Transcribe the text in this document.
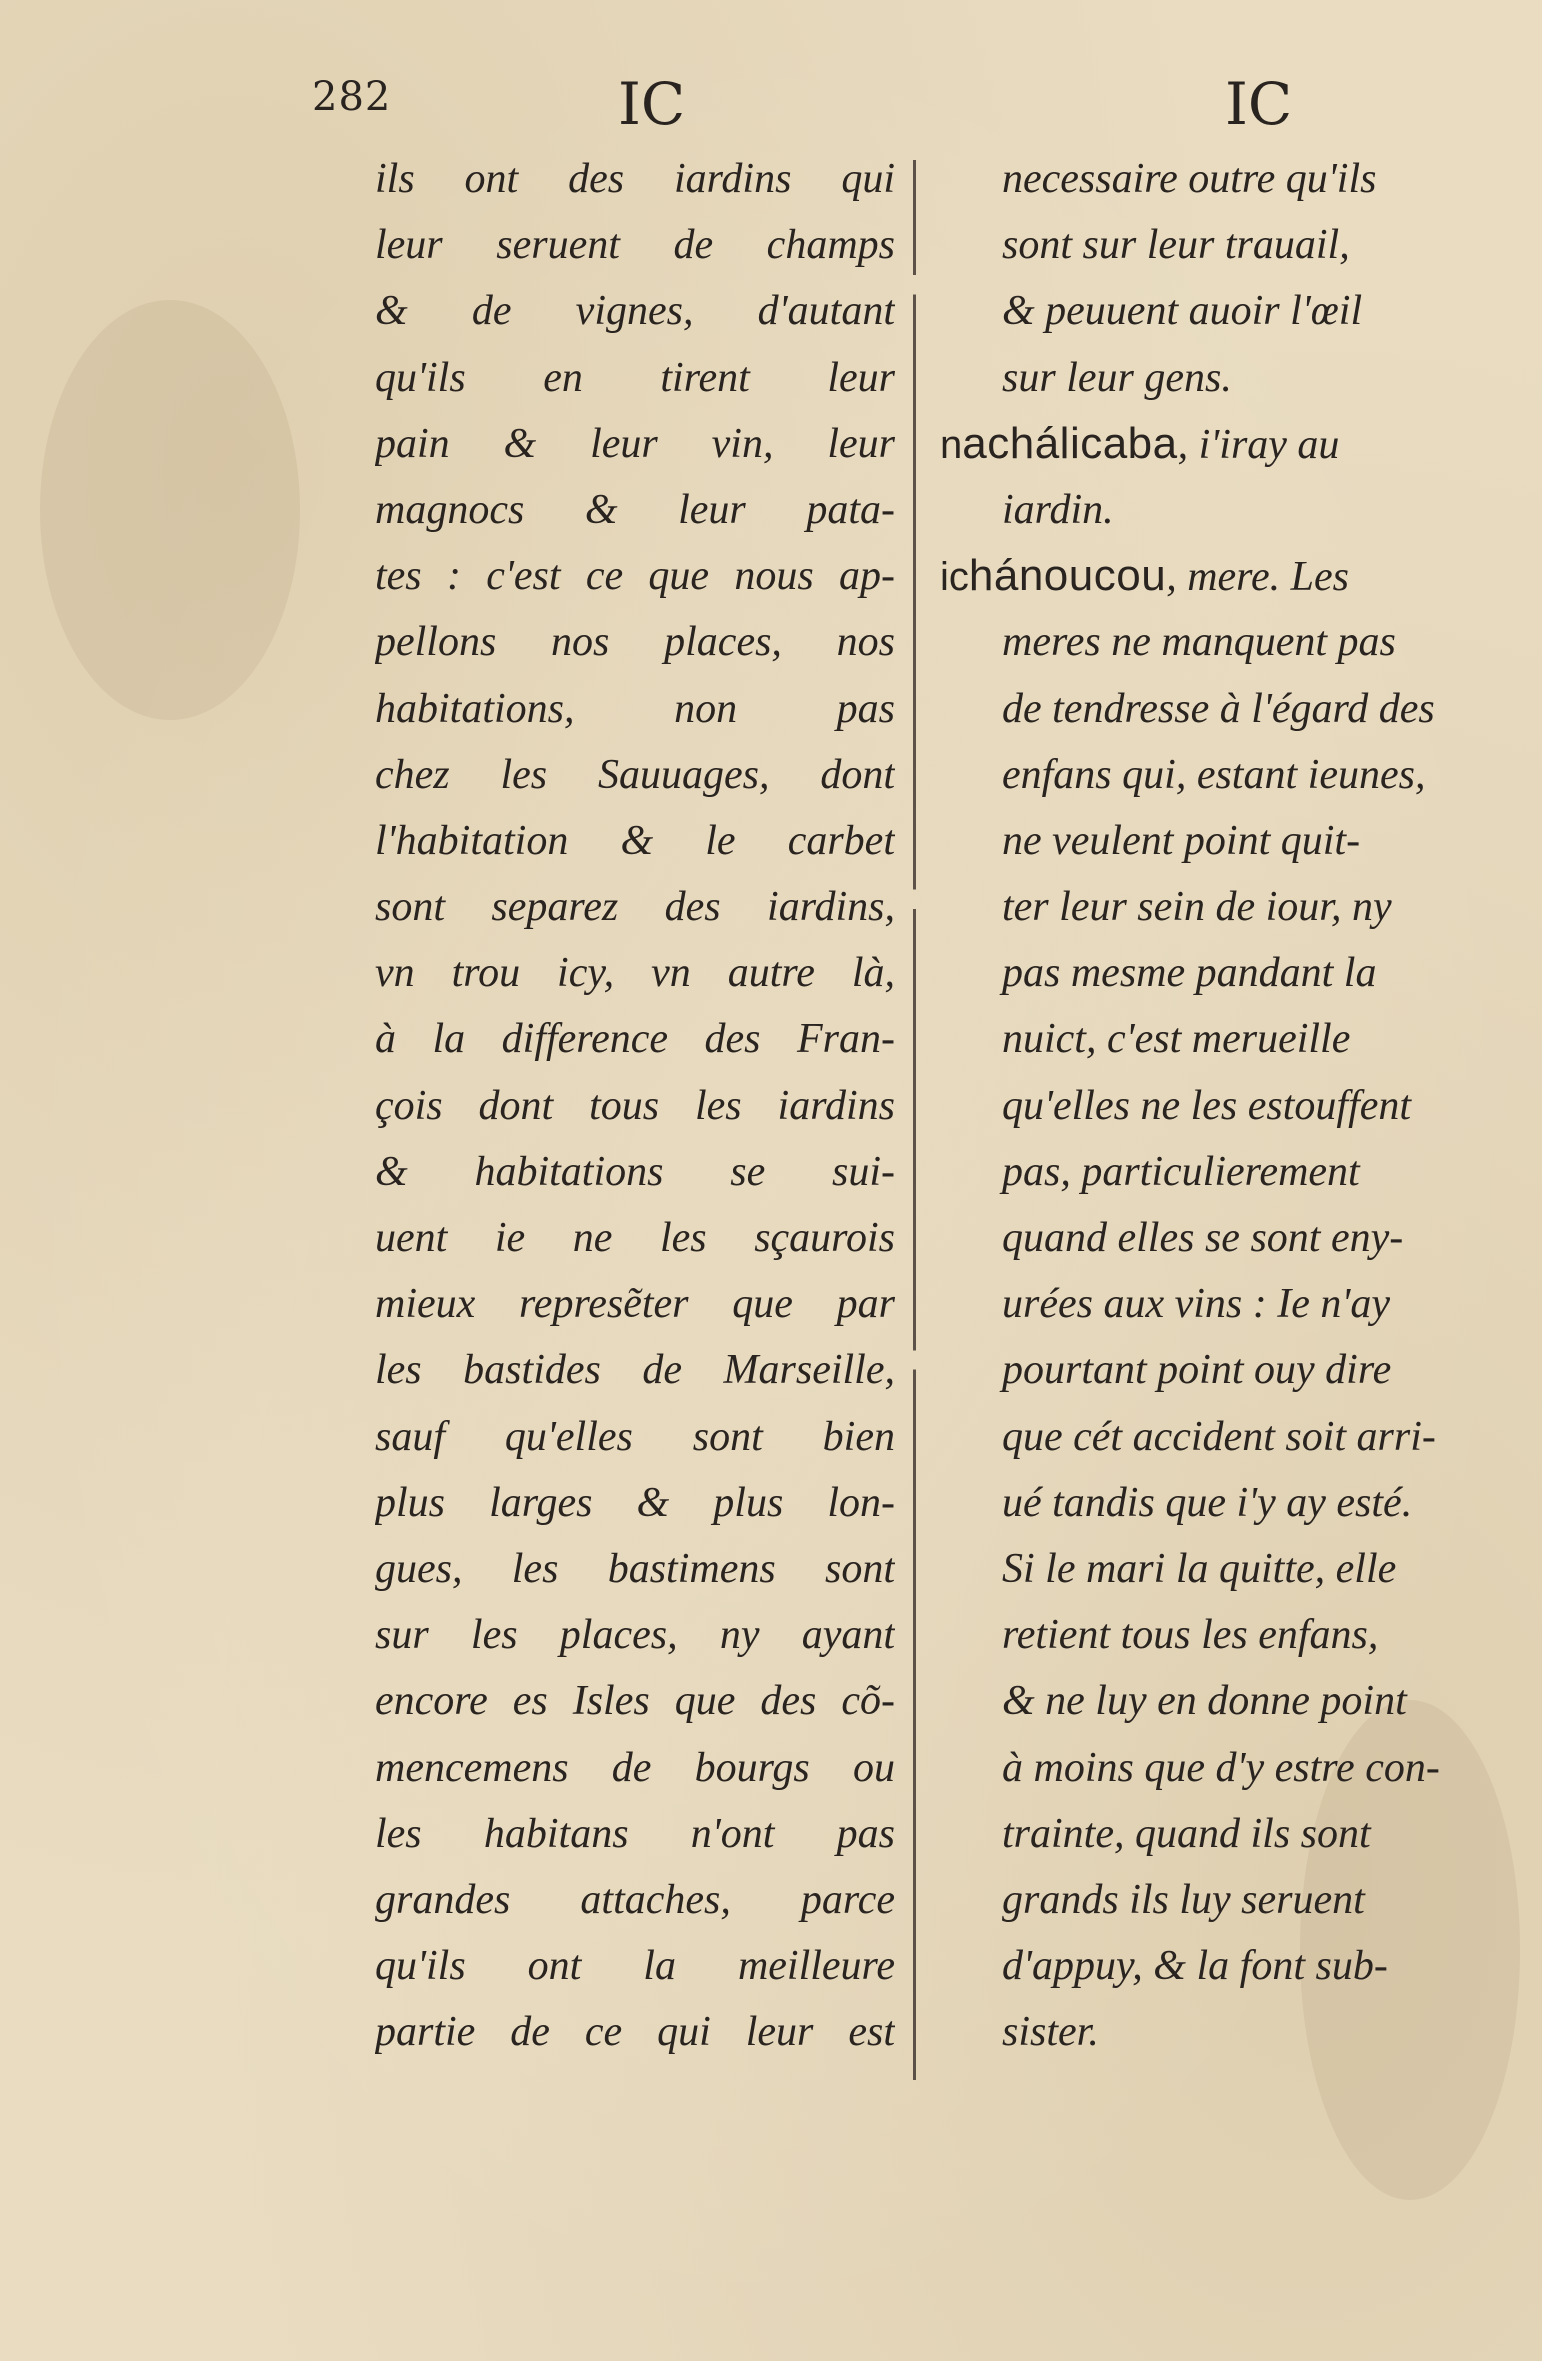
282	IC	IC
ils ont des iardins qui
leur seruent de champs
& de vignes, d'autant
qu'ils en tirent leur
pain & leur vin, leur
magnocs & leur pata-
tes : c'est ce que nous ap-
pellons nos places, nos
habitations, non pas
chez les Sauuages, dont
l'habitation & le carbet
sont separez des iardins,
vn trou icy, vn autre là,
à la difference des Fran-
çois dont tous les iardins
& habitations se sui-
uent ie ne les sçaurois
mieux represẽter que par
les bastides de Marseille,
sauf qu'elles sont bien
plus larges & plus lon-
gues, les bastimens sont
sur les places, ny ayant
encore es Isles que des cõ-
mencemens de bourgs ou
les habitans n'ont pas
grandes attaches, parce
qu'ils ont la meilleure
partie de ce qui leur est
necessaire outre qu'ils
sont sur leur trauail,
& peuuent auoir l'œil
sur leur gens.
nachálicaba, i'iray au
iardin.
ichánoucou, mere. Les
meres ne manquent pas
de tendresse à l'égard des
enfans qui, estant ieunes,
ne veulent point quit-
ter leur sein de iour, ny
pas mesme pandant la
nuict, c'est merueille
qu'elles ne les estouffent
pas, particulierement
quand elles se sont eny-
urées aux vins : Ie n'ay
pourtant point ouy dire
que cét accident soit arri-
ué tandis que i'y ay esté.
Si le mari la quitte, elle
retient tous les enfans,
& ne luy en donne point
à moins que d'y estre con-
trainte, quand ils sont
grands ils luy seruent
d'appuy, & la font sub-
sister.
